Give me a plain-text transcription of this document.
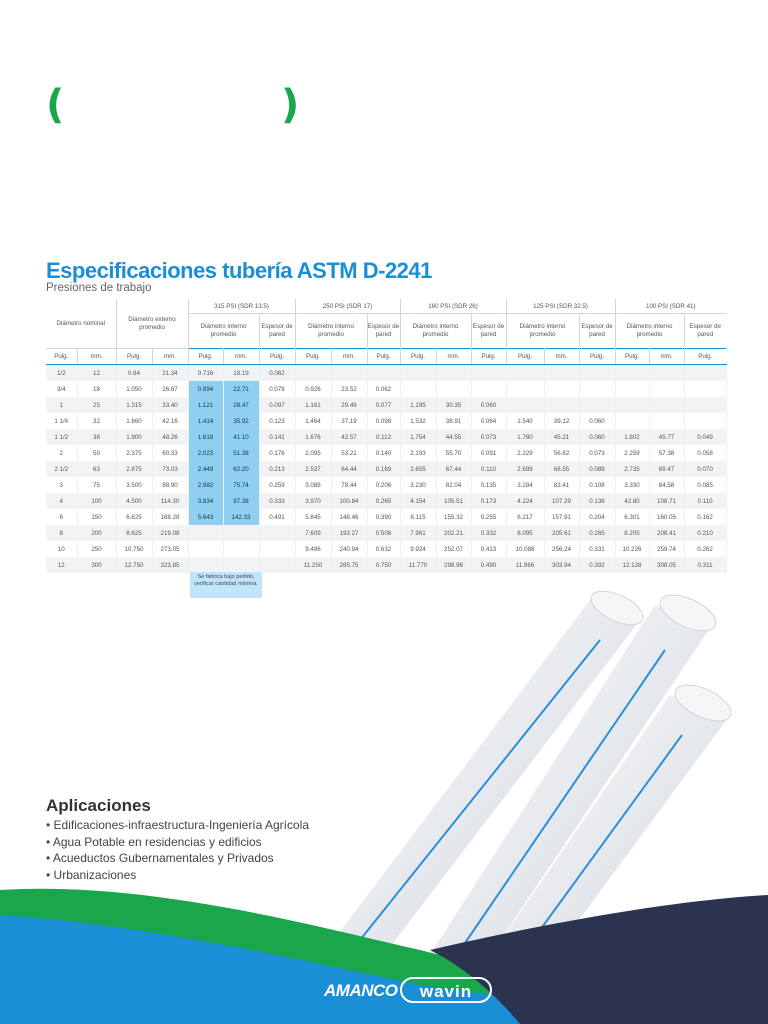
(	)
Especificaciones tubería ASTM D-2241
Presiones de trabajo
Diámetro nominal		Diámetro externo promedio		315 PSI (SDR 13.5)			250 PSI (SDR 17)			160 PSI (SDR 26)			125 PSI (SDR 32.5)			100 PSI (SDR 41)		
				Diámetro interno promedio		Espesor de pared	Diámetro interno promedio		Espesor de pared	Diámetro interno promedio		Espesor de pared	Diámetro interno promedio		Espesor de pared	Diámetro interno promedio		Espesor de pared
Pulg.	mm.	Pulg.	mm.	Pulg.	mm.	Pulg.	Pulg.	mm.	Pulg.	Pulg.	mm.	Pulg.	Pulg.	mm.	Pulg.	Pulg.	mm.	Pulg.
1/2	12	0.84	21.34	0.716	18.19	0.062												
3/4	18	1.050	26.67	0.894	22.71	0.078	0.926	23.52	0.062									
1	25	1.315	33.40	1.121	28.47	0.097	1.161	29.49	0.077	1.195	30.35	0.060						
1 1/4	32	1.660	42.16	1.414	35.92	0.123	1.464	37.19	0.098	1.532	38.91	0.064	1.540	39.12	0.060			
1 1/2	38	1.900	48.26	1.618	41.10	0.141	1.676	42.57	0.112	1.754	44.55	0.073	1.780	45.21	0.060	1.802	45.77	0.049
2	50	2.375	60.33	2.023	51.38	0.176	2.095	53.21	0.140	2.193	55.70	0.091	2.229	56.62	0.073	2.259	57.38	0.058
2 1/2	63	2.875	73.03	2.449	62.20	0.213	2.537	64.44	0.169	2.655	67.44	0.110	2.699	68.55	0.088	2.735	69.47	0.070
3	75	3.500	88.90	2.982	75.74	0.259	3.088	78.44	0.206	3.230	82.04	0.135	3.284	83.41	0.108	3.330	84.58	0.085
4	100	4.500	114.30	3.834	97.38	0.333	3.970	100.84	0.265	4.154	105.51	0.173	4.224	107.29	0.138	42.80	108.71	0.110
6	150	6.625	168.28	5.643	142.33	0.491	5.845	148.46	0.390	6.115	155.32	0.255	6.217	157.91	0.204	6.301	160.05	0.162
8	200	8.625	219.08				7.609	193.27	0.508	7.961	202.21	0.332	8.095	205.61	0.265	8.205	208.41	0.210
10	250	10.750	273.05				9.486	240.94	0.632	9.924	252.07	0.413	10.088	256.24	0.331	10.226	259.74	0.262
12	300	12.750	323.85				11.250	285.75	0.750	11.770	298.96	0.490	11.966	303.94	0.392	12.128	308.05	0.311
Se fabrica bajo pedido, verificar cantidad mínima.
Aplicaciones
• Edificaciones-infraestructura-Ingeniería Agrícola
• Agua Potable en residencias y edificios
• Acueductos Gubernamentales y Privados
• Urbanizaciones
AMANCO	wavin
